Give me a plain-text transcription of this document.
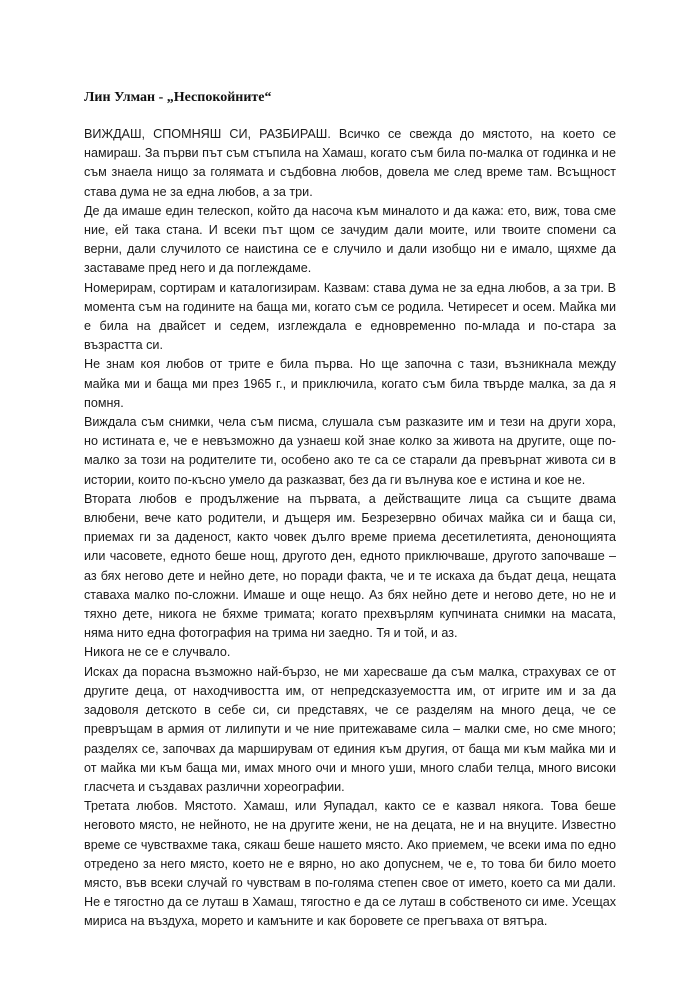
Лин Улман - „Неспокойните“

ВИЖДАШ, СПОМНЯШ СИ, РАЗБИРАШ. Всичко се свежда до мястото, на което се намираш. За първи път съм стъпила на Хамаш, когато съм била по-малка от годинка и не съм знаела нищо за голямата и съдбовна любов, довела ме след време там. Всъщност става дума не за една любов, а за три.

Де да имаше един телескоп, който да насоча към миналото и да кажа: ето, виж, това сме ние, ей така стана. И всеки път щом се зачудим дали моите, или твоите спомени са верни, дали случилото се наистина се е случило и дали изобщо ни е имало, щяхме да заставаме пред него и да поглеждаме.

Номерирам, сортирам и каталогизирам. Казвам: става дума не за една любов, а за три. В момента съм на годините на баща ми, когато съм се родила. Четиресет и осем. Майка ми е била на двайсет и седем, изглеждала е едновременно по-млада и по-стара за възрастта си.

Не знам коя любов от трите е била първа. Но ще започна с тази, възникнала между майка ми и баща ми през 1965 г., и приключила, когато съм била твърде малка, за да я помня.

Виждала съм снимки, чела съм писма, слушала съм разказите им и тези на други хора, но истината е, че е невъзможно да узнаеш кой знае колко за живота на другите, още по-малко за този на родителите ти, особено ако те са се старали да превърнат живота си в истории, които по-късно умело да разказват, без да ги вълнува кое е истина и кое не.

Втората любов е продължение на първата, а действащите лица са същите двама влюбени, вече като родители, и дъщеря им. Безрезервно обичах майка си и баща си, приемах ги за даденост, както човек дълго време приема десетилетията, денонощията или часовете, едното беше нощ, другото ден, едното приключваше, другото започваше – аз бях негово дете и нейно дете, но поради факта, че и те искаха да бъдат деца, нещата ставаха малко по-сложни. Имаше и още нещо. Аз бях нейно дете и негово дете, но не и тяхно дете, никога не бяхме тримата; когато прехвърлям купчината снимки на масата, няма нито една фотография на трима ни заедно. Тя и той, и аз.

Никога не се е случвало.

Исках да порасна възможно най-бързо, не ми харесваше да съм малка, страхувах се от другите деца, от находчивостта им, от непредсказуемостта им, от игрите им и за да задоволя детското в себе си, си представях, че се разделям на много деца, че се превръщам в армия от лилипути и че ние притежаваме сила – малки сме, но сме много; разделях се, започвах да марширувам от единия към другия, от баща ми към майка ми и от майка ми към баща ми, имах много очи и много уши, много слаби телца, много високи гласчета и създавах различни хореографии.

Третата любов. Мястото. Хамаш, или Яупадал, както се е казвал някога. Това беше неговото място, не нейното, не на другите жени, не на децата, не и на внуците. Известно време се чувствахме така, сякаш беше нашето място. Ако приемем, че всеки има по едно отредено за него място, което не е вярно, но ако допуснем, че е, то това би било моето място, във всеки случай го чувствам в по-голяма степен свое от името, което са ми дали. Не е тягостно да се луташ в Хамаш, тягостно е да се луташ в собственото си име. Усещах мириса на въздуха, морето и камъните и как боровете се прегъваха от вятъра.
